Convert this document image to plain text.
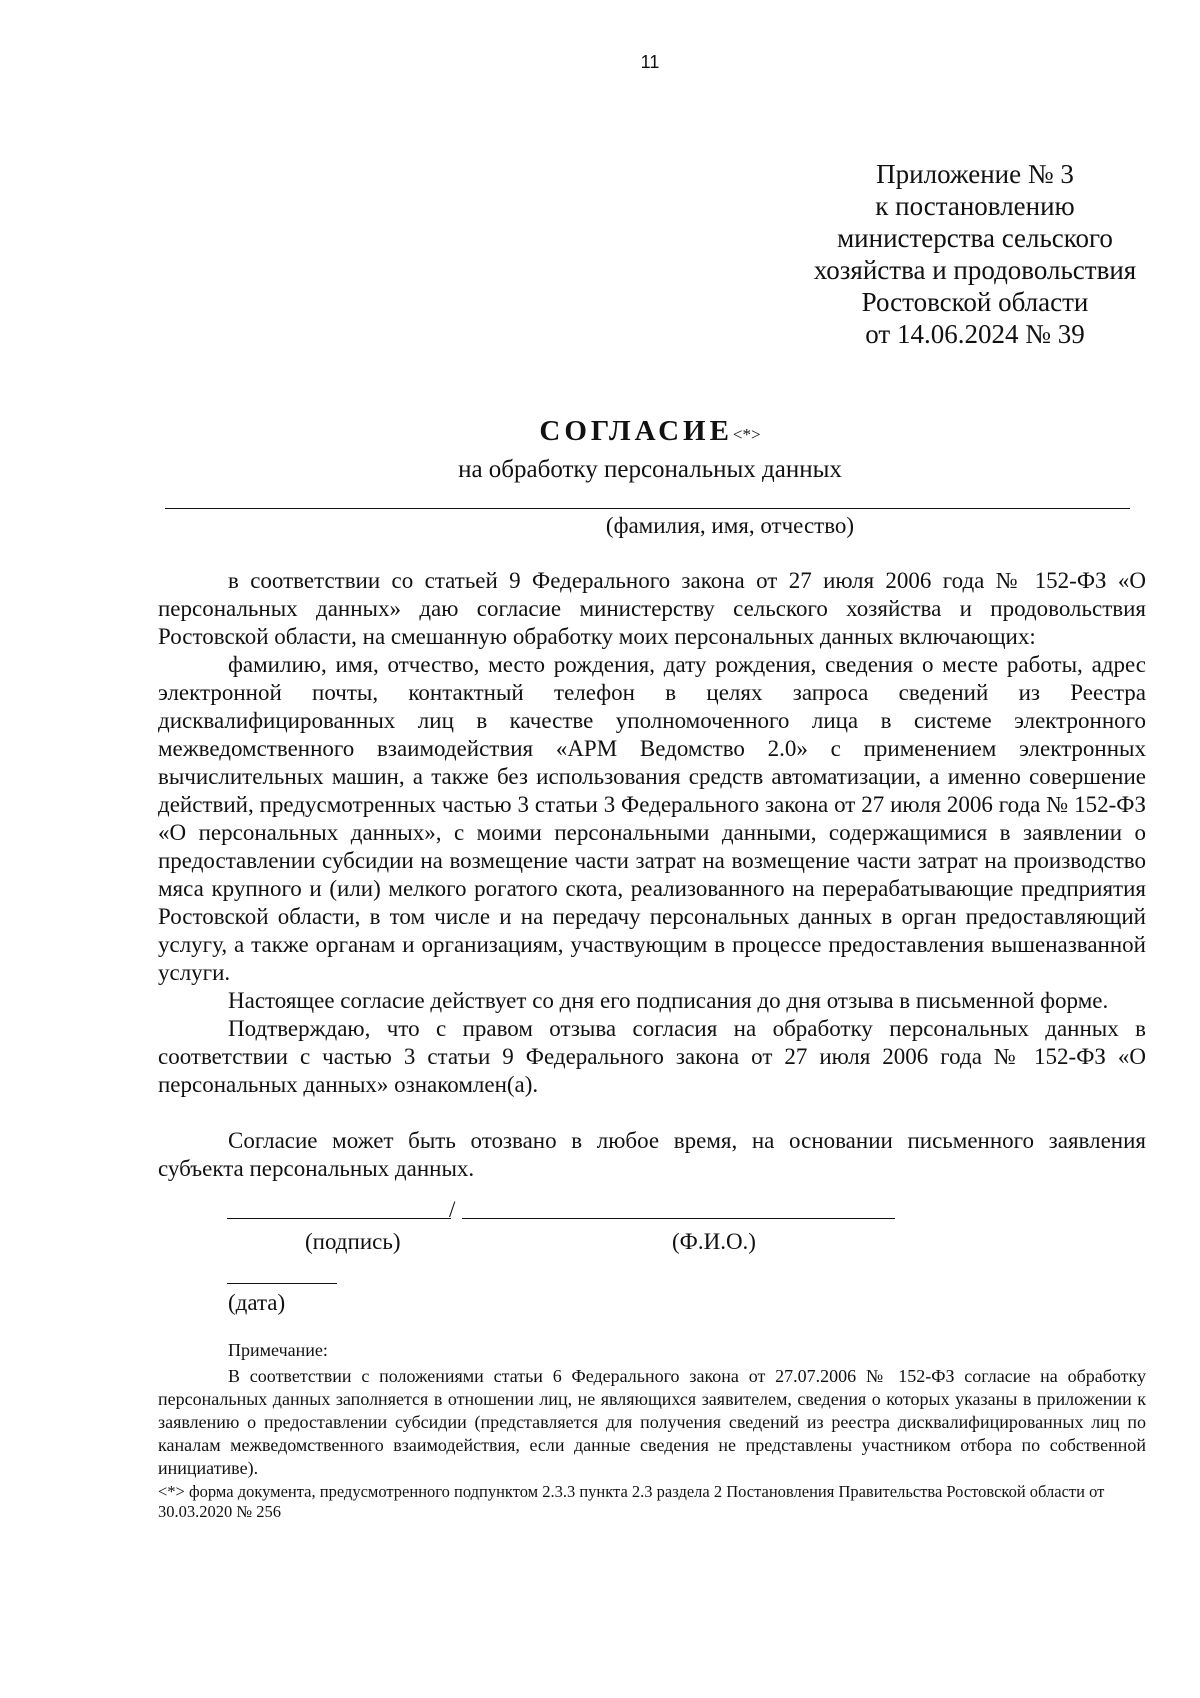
11
Приложение № 3
к постановлению
министерства сельского
хозяйства и продовольствия
Ростовской области
от 14.06.2024 № 39
СОГЛАСИЕ<*>
на обработку персональных данных
(фамилия, имя, отчество)

в соответствии со статьей 9 Федерального закона от 27 июля 2006 года № 152-ФЗ «О персональных данных» даю согласие министерству сельского хозяйства и продовольствия Ростовской области, на смешанную обработку моих персональных данных включающих:

фамилию, имя, отчество, место рождения, дату рождения, сведения о месте работы, адрес электронной почты, контактный телефон в целях запроса сведений из Реестра дисквалифицированных лиц в качестве уполномоченного лица в системе электронного межведомственного взаимодействия «АРМ Ведомство 2.0» с применением электронных вычислительных машин, а также без использования средств автоматизации, а именно совершение действий, предусмотренных частью 3 статьи 3 Федерального закона от 27 июля 2006 года № 152-ФЗ «О персональных данных», с моими персональными данными, содержащимися в заявлении о предоставлении субсидии на возмещение части затрат на возмещение части затрат на производство мяса крупного и (или) мелкого рогатого скота, реализованного на перерабатывающие предприятия Ростовской области, в том числе и на передачу персональных данных в орган предоставляющий услугу, а также органам и организациям, участвующим в процессе предоставления вышеназванной услуги.

Настоящее согласие действует со дня его подписания до дня отзыва в письменной форме.

Подтверждаю, что с правом отзыва согласия на обработку персональных данных в соответствии с частью 3 статьи 9 Федерального закона от 27 июля 2006 года № 152-ФЗ «О персональных данных» ознакомлен(а).

Согласие может быть отозвано в любое время, на основании письменного заявления субъекта персональных данных.

/
(подпись)	(Ф.И.О.)
(дата)
Примечание:

В соответствии с положениями статьи 6 Федерального закона от 27.07.2006 № 152-ФЗ согласие на обработку персональных данных заполняется в отношении лиц, не являющихся заявителем, сведения о которых указаны в приложении к заявлению о предоставлении субсидии (представляется для получения сведений из реестра дисквалифицированных лиц по каналам межведомственного взаимодействия, если данные сведения не представлены участником отбора по собственной инициативе).

<*> форма документа, предусмотренного подпунктом 2.3.3 пункта 2.3 раздела 2 Постановления Правительства Ростовской области от 30.03.2020 № 256
